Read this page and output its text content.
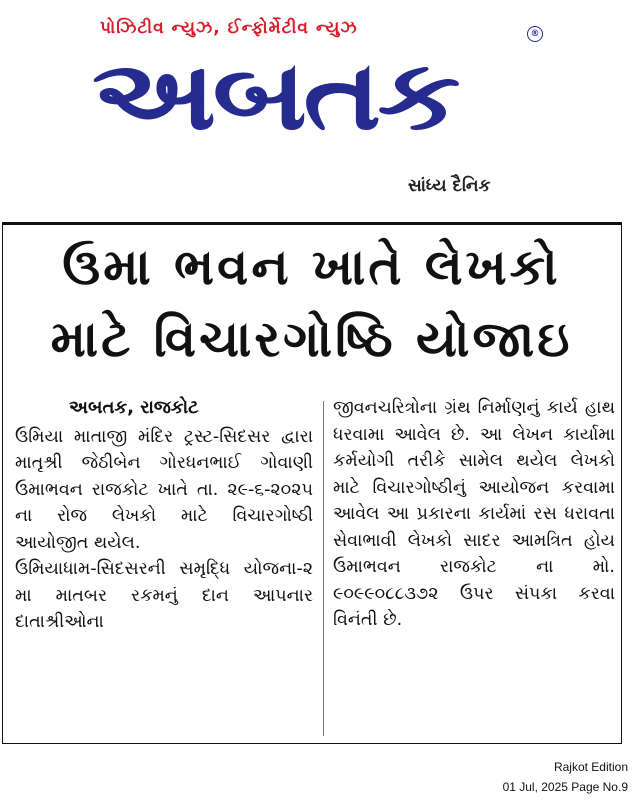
પોઝિટીવ ન્યુઝ, ઈન્ફોર્મેટીવ ન્યુઝ
અબતક
®
સાંધ્ય દૈનિક
ઉમા ભવન ખાતે લેખકો
માટે વિચારગોષ્ઠિ યોજાઇ
અબતક, રાજકોટ

ઉમિયા માતાજી મંદિર ટ્રસ્ટ-સિદસર દ્વારા માતૃશ્રી જેઠીબેન ગોરધનભાઈ ગોવાણી ઉમાભવન રાજકોટ ખાતે તા. ૨૯-૬-૨૦૨૫ ના રોજ લેખકો માટે વિચારગોષ્ઠી આયોજીત થયેલ.

ઉમિયાધામ-સિદસરની સમૃદ્ધિ યોજના-૨ મા માતબર રકમનું દાન આપનાર દાતાશ્રીઓના

જીવનચરિત્રોના ગ્રંથ નિર્માણનું કાર્ય હાથ ધરવામા આવેલ છે. આ લેખન કાર્યામા કર્મયોગી તરીકે સામેલ થયેલ લેખકો માટે વિચારગોષ્ઠીનું આયોજન કરવામા આવેલ આ પ્રકારના કાર્યમાં રસ ધરાવતા સેવાભાવી લેખકો સાદર આમત્રિત હોય ઉમાભવન રાજકોટ ના મો. ૯૦૯૯૦૮૮૩૭૨ ઉપર સંપકા કરવા વિનંતી છે.

Rajkot Edition
01 Jul, 2025 Page No.9
